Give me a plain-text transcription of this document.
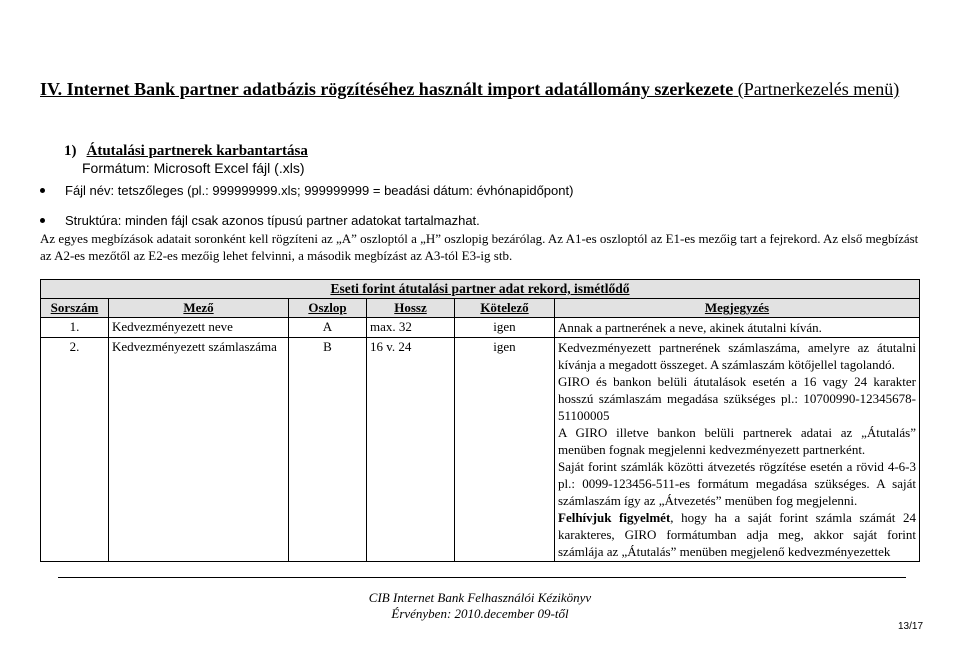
IV. Internet Bank partner adatbázis rögzítéséhez használt import adatállomány szerkezete (Partnerkezelés menü)
1) Átutalási partnerek karbantartása
Formátum: Microsoft Excel fájl (.xls)
Fájl név: tetszőleges (pl.: 999999999.xls; 999999999 = beadási dátum: évhónapidőpont)
Struktúra: minden fájl csak azonos típusú partner adatokat tartalmazhat.
Az egyes megbízások adatait soronként kell rögzíteni az „A” oszloptól a „H” oszlopig bezárólag. Az A1-es oszloptól az E1-es mezőig tart a fejrekord. Az első megbízást az A2-es mezőtől az E2-es mezőig lehet felvinni, a második megbízást az A3-tól E3-ig stb.
Eseti forint átutalási partner adat rekord, ismétlődő					
Sorszám	Mező	Oszlop	Hossz	Kötelező	Megjegyzés
1.	Kedvezményezett neve	A	max. 32	igen	Annak a partnerének a neve, akinek átutalni kíván.
2.	Kedvezményezett számlaszáma	B	16 v. 24	igen	Kedvezményezett partnerének számlaszáma, amelyre az átutalni kívánja a megadott összeget. A számlaszám kötőjellel tagolandó.
GIRO és bankon belüli átutalások esetén a 16 vagy 24 karakter hosszú számlaszám megadása szükséges pl.: 10700990-12345678-51100005
A GIRO illetve bankon belüli partnerek adatai az „Átutalás” menüben fognak megjelenni kedvezményezett partnerként.
Saját forint számlák közötti átvezetés rögzítése esetén a rövid 4-6-3 pl.: 0099-123456-511-es formátum megadása szükséges. A saját számlaszám így az „Átvezetés” menüben fog megjelenni.
Felhívjuk figyelmét, hogy ha a saját forint számla számát 24 karakteres, GIRO formátumban adja meg, akkor saját forint számlája az „Átutalás” menüben megjelenő kedvezményezettek
CIB Internet Bank Felhasználói Kézikönyv
Érvényben: 2010.december 09-től
13/17
